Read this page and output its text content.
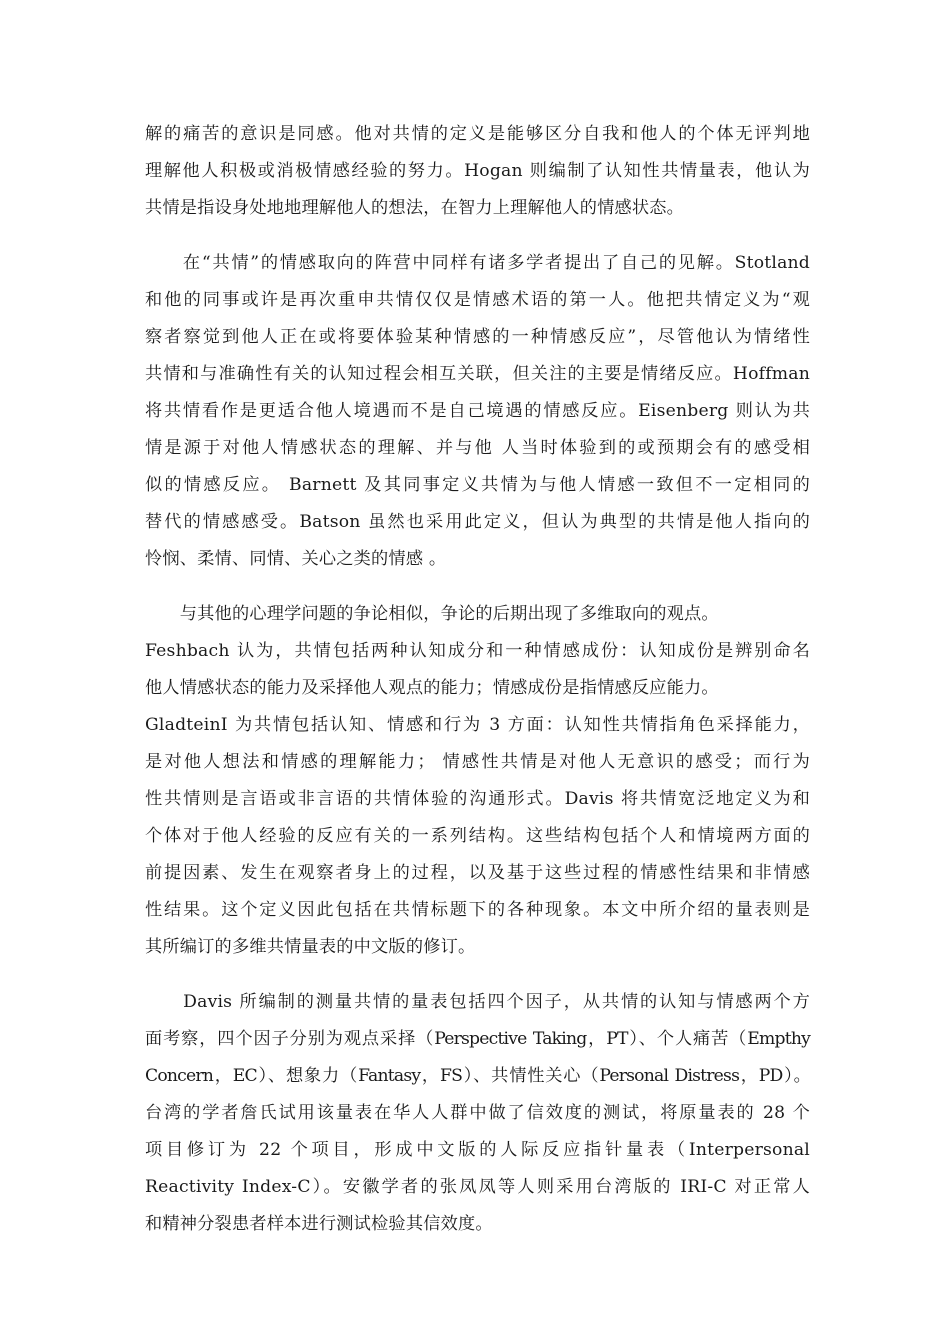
解的痛苦的意识是同感。他对共情的定义是能够区分自我和他人的个体无评判地
理解他人积极或消极情感经验的努力。Hogan 则编制了认知性共情量表，他认为
共情是指设身处地地理解他人的想法，在智力上理解他人的情感状态。
　　在“共情”的情感取向的阵营中同样有诸多学者提出了自己的见解。Stotland
和他的同事或许是再次重申共情仅仅是情感术语的第一人。他把共情定义为“观
察者察觉到他人正在或将要体验某种情感的一种情感反应”，尽管他认为情绪性
共情和与准确性有关的认知过程会相互关联，但关注的主要是情绪反应。Hoffman
将共情看作是更适合他人境遇而不是自己境遇的情感反应。Eisenberg 则认为共
情是源于对他人情感状态的理解、并与他 人当时体验到的或预期会有的感受相
似的情感反应。 Barnett 及其同事定义共情为与他人情感一致但不一定相同的
替代的情感感受。Batson 虽然也采用此定义，但认为典型的共情是他人指向的
怜悯、柔情、同情、关心之类的情感 。
　　与其他的心理学问题的争论相似，争论的后期出现了多维取向的观点。
Feshbach 认为，共情包括两种认知成分和一种情感成份：认知成份是辨别命名
他人情感状态的能力及采择他人观点的能力；情感成份是指情感反应能力。
GladteinI 为共情包括认知、情感和行为 3 方面：认知性共情指角色采择能力，
是对他人想法和情感的理解能力； 情感性共情是对他人无意识的感受；而行为
性共情则是言语或非言语的共情体验的沟通形式。Davis 将共情宽泛地定义为和
个体对于他人经验的反应有关的一系列结构。这些结构包括个人和情境两方面的
前提因素、发生在观察者身上的过程，以及基于这些过程的情感性结果和非情感
性结果。这个定义因此包括在共情标题下的各种现象。本文中所介绍的量表则是
其所编订的多维共情量表的中文版的修订。
　　Davis 所编制的测量共情的量表包括四个因子，从共情的认知与情感两个方
面考察，四个因子分别为观点采择（Perspective Taking，PT）、个人痛苦（Empthy
Concern，EC）、想象力（Fantasy，FS）、共情性关心（Personal Distress，PD）。
台湾的学者詹氏试用该量表在华人人群中做了信效度的测试，将原量表的 28 个
项目修订为 22 个项目，形成中文版的人际反应指针量表（Interpersonal
Reactivity Index-C）。安徽学者的张凤凤等人则采用台湾版的 IRI-C 对正常人
和精神分裂患者样本进行测试检验其信效度。
